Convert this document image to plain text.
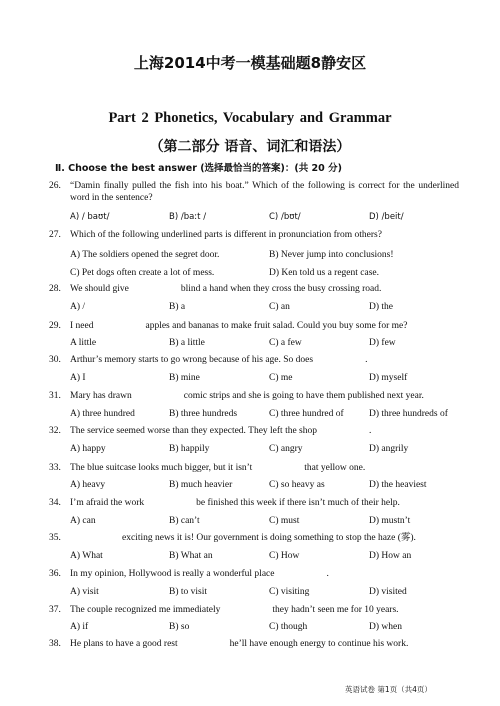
上海2014中考一模基础题8静安区
Part 2 Phonetics, Vocabulary and Grammar
（第二部分 语音、词汇和语法）
Ⅱ. Choose the best answer (选择最恰当的答案)：(共 20 分)
26. “Damin finally pulled the fish into his boat.” Which of the following is correct for the underlined word in the sentence?
A) / baʊt/	B) /baːt /	C) /bʊt/	D) /beit/
27. Which of the following underlined parts is different in pronunciation from others?
A) The soldiers opened the segret door.	B) Never jump into conclusions!
C) Pet dogs often create a lot of mess.	D) Ken told us a regent case.
28. We should give	blind a hand when they cross the busy crossing road.
A) /	B) a	C) an	D) the
29. I need	apples and bananas to make fruit salad. Could you buy some for me?
A little	B) a little	C) a few	D) few
30. Arthur’s memory starts to go wrong because of his age. So does	.
A) I	B) mine	C) me	D) myself
31. Mary has drawn	comic strips and she is going to have them published next year.
A) three hundred	B) three hundreds	C) three hundred of	D) three hundreds of
32. The service seemed worse than they expected. They left the shop	.
A) happy	B) happily	C) angry	D) angrily
33. The blue suitcase looks much bigger, but it isn’t	that yellow one.
A) heavy	B) much heavier	C) so heavy as	D) the heaviest
34. I’m afraid the work	be finished this week if there isn’t much of their help.
A) can	B) can’t	C) must	D) mustn’t
35.	exciting news it is! Our government is doing something to stop the haze (雾).
A) What	B) What an	C) How	D) How an
36. In my opinion, Hollywood is really a wonderful place	.
A) visit	B) to visit	C) visiting	D) visited
37. The couple recognized me immediately	they hadn’t seen me for 10 years.
A) if	B) so	C) though	D) when
38. He plans to have a good rest	he’ll have enough energy to continue his work.
英语试卷 第1页（共4页）
